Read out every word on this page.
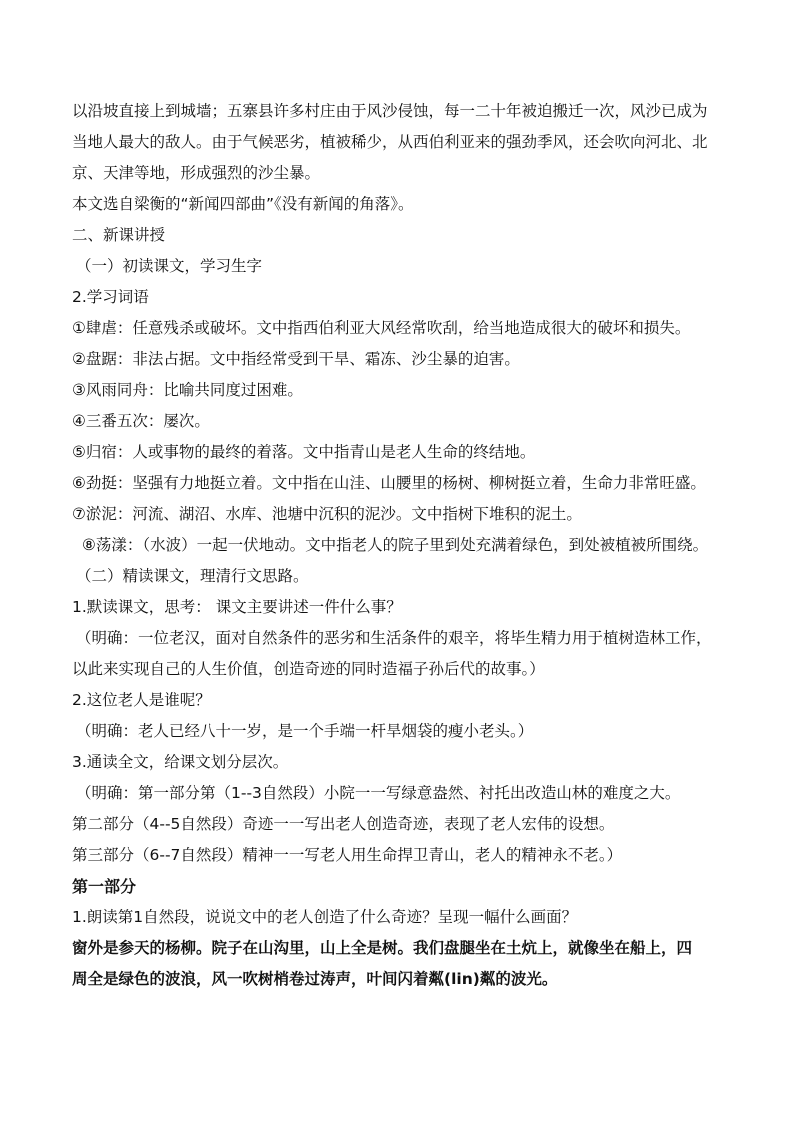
以沿坡直接上到城墙；五寨县许多村庄由于风沙侵蚀，每一二十年被迫搬迁一次，风沙已成为
当地人最大的敌人。由于气候恶劣，植被稀少，从西伯利亚来的强劲季风，还会吹向河北、北
京、天津等地，形成强烈的沙尘暴。
本文选自梁衡的“新闻四部曲”《没有新闻的角落》。
二、新课讲授
（一）初读课文，学习生字
2.学习词语
①肆虐：任意残杀或破坏。文中指西伯利亚大风经常吹刮，给当地造成很大的破坏和损失。
②盘踞：非法占据。文中指经常受到干旱、霜冻、沙尘暴的迫害。
③风雨同舟：比喻共同度过困难。
④三番五次：屡次。
⑤归宿：人或事物的最终的着落。文中指青山是老人生命的终结地。
⑥劲挺：坚强有力地挺立着。文中指在山洼、山腰里的杨树、柳树挺立着，生命力非常旺盛。
⑦淤泥：河流、湖沼、水库、池塘中沉积的泥沙。文中指树下堆积的泥土。
⑧荡漾：（水波）一起一伏地动。文中指老人的院子里到处充满着绿色，到处被植被所围绕。
（二）精读课文，理清行文思路。
1.默读课文，思考： 课文主要讲述一件什么事？
（明确：一位老汉，面对自然条件的恶劣和生活条件的艰辛，将毕生精力用于植树造林工作，
以此来实现自己的人生价值，创造奇迹的同时造福子孙后代的故事。）
2.这位老人是谁呢？
（明确：老人已经八十一岁，是一个手端一杆旱烟袋的瘦小老头。）
3.通读全文，给课文划分层次。
（明确：第一部分第（1--3自然段）小院一一写绿意盎然、衬托出改造山林的难度之大。
第二部分（4--5自然段）奇迹一一写出老人创造奇迹，表现了老人宏伟的设想。
第三部分（6--7自然段）精神一一写老人用生命捍卫青山，老人的精神永不老。）
第一部分
1.朗读第1自然段，说说文中的老人创造了什么奇迹？呈现一幅什么画面？
窗外是参天的杨柳。院子在山沟里，山上全是树。我们盘腿坐在土炕上，就像坐在船上，四
周全是绿色的波浪，风一吹树梢卷过涛声，叶间闪着粼(lin)粼的波光。
